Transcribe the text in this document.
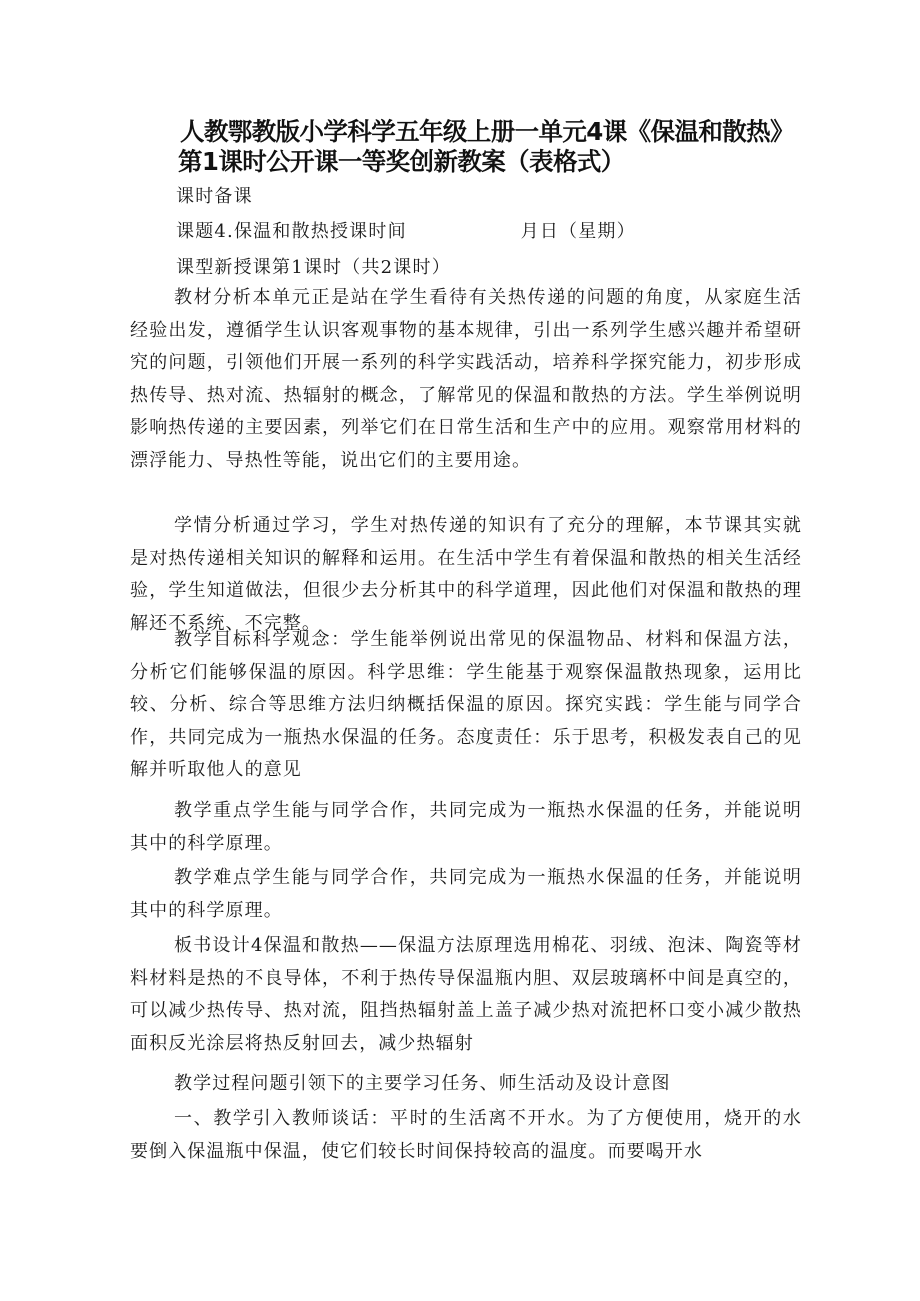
人教鄂教版小学科学五年级上册一单元4课《保温和散热》
第1课时公开课一等奖创新教案（表格式）
课时备课
课题4.保温和散热授课时间	月日（星期）
课型新授课第1课时（共2课时）

教材分析本单元正是站在学生看待有关热传递的问题的角度，从家庭生活经验出发，遵循学生认识客观事物的基本规律，引出一系列学生感兴趣并希望研究的问题，引领他们开展一系列的科学实践活动，培养科学探究能力，初步形成热传导、热对流、热辐射的概念，了解常见的保温和散热的方法。学生举例说明影响热传递的主要因素，列举它们在日常生活和生产中的应用。观察常用材料的漂浮能力、导热性等能，说出它们的主要用途。

学情分析通过学习，学生对热传递的知识有了充分的理解，本节课其实就是对热传递相关知识的解释和运用。在生活中学生有着保温和散热的相关生活经验，学生知道做法，但很少去分析其中的科学道理，因此他们对保温和散热的理解还不系统、不完整。

教学目标科学观念：学生能举例说出常见的保温物品、材料和保温方法，分析它们能够保温的原因。科学思维：学生能基于观察保温散热现象，运用比较、分析、综合等思维方法归纳概括保温的原因。探究实践：学生能与同学合作，共同完成为一瓶热水保温的任务。态度责任：乐于思考，积极发表自己的见解并听取他人的意见

教学重点学生能与同学合作，共同完成为一瓶热水保温的任务，并能说明其中的科学原理。

教学难点学生能与同学合作，共同完成为一瓶热水保温的任务，并能说明其中的科学原理。

板书设计4保温和散热——保温方法原理选用棉花、羽绒、泡沫、陶瓷等材料材料是热的不良导体，不利于热传导保温瓶内胆、双层玻璃杯中间是真空的，可以减少热传导、热对流，阻挡热辐射盖上盖子减少热对流把杯口变小减少散热面积反光涂层将热反射回去，减少热辐射

教学过程问题引领下的主要学习任务、师生活动及设计意图

一、教学引入教师谈话：平时的生活离不开水。为了方便使用，烧开的水要倒入保温瓶中保温，使它们较长时间保持较高的温度。而要喝开水
